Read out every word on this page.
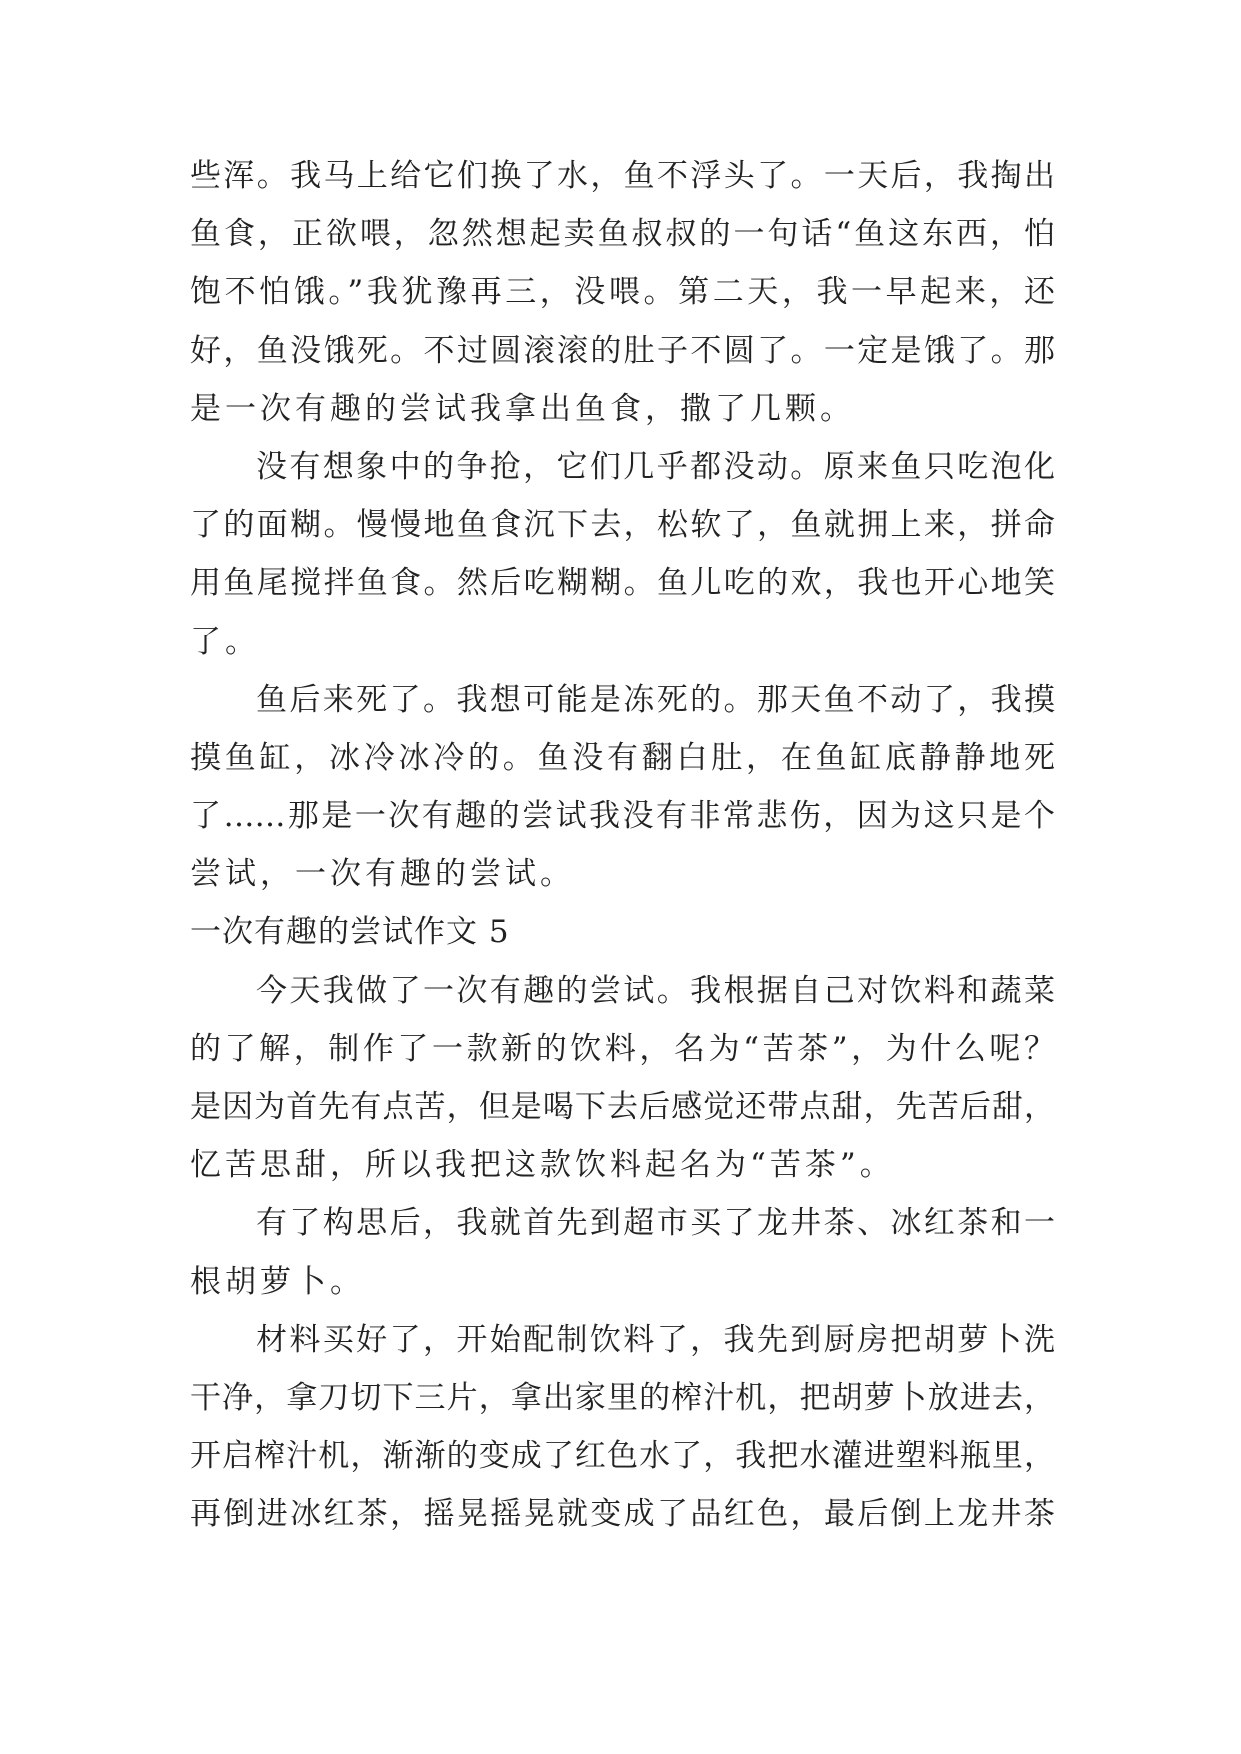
些浑。我马上给它们换了水，鱼不浮头了。一天后，我掏出
鱼食，正欲喂，忽然想起卖鱼叔叔的一句话“鱼这东西，怕
饱不怕饿。”我犹豫再三，没喂。第二天，我一早起来，还
好，鱼没饿死。不过圆滚滚的肚子不圆了。一定是饿了。那
是一次有趣的尝试我拿出鱼食，撒了几颗。
没有想象中的争抢，它们几乎都没动。原来鱼只吃泡化
了的面糊。慢慢地鱼食沉下去，松软了，鱼就拥上来，拼命
用鱼尾搅拌鱼食。然后吃糊糊。鱼儿吃的欢，我也开心地笑
了。
鱼后来死了。我想可能是冻死的。那天鱼不动了，我摸
摸鱼缸，冰冷冰冷的。鱼没有翻白肚，在鱼缸底静静地死
了……那是一次有趣的尝试我没有非常悲伤，因为这只是个
尝试，一次有趣的尝试。
一次有趣的尝试作文 5
今天我做了一次有趣的尝试。我根据自己对饮料和蔬菜
的了解，制作了一款新的饮料，名为“苦茶”，为什么呢？
是因为首先有点苦，但是喝下去后感觉还带点甜，先苦后甜，
忆苦思甜，所以我把这款饮料起名为“苦茶”。
有了构思后，我就首先到超市买了龙井茶、冰红茶和一
根胡萝卜。
材料买好了，开始配制饮料了，我先到厨房把胡萝卜洗
干净，拿刀切下三片，拿出家里的榨汁机，把胡萝卜放进去，
开启榨汁机，渐渐的变成了红色水了，我把水灌进塑料瓶里，
再倒进冰红茶，摇晃摇晃就变成了品红色，最后倒上龙井茶
